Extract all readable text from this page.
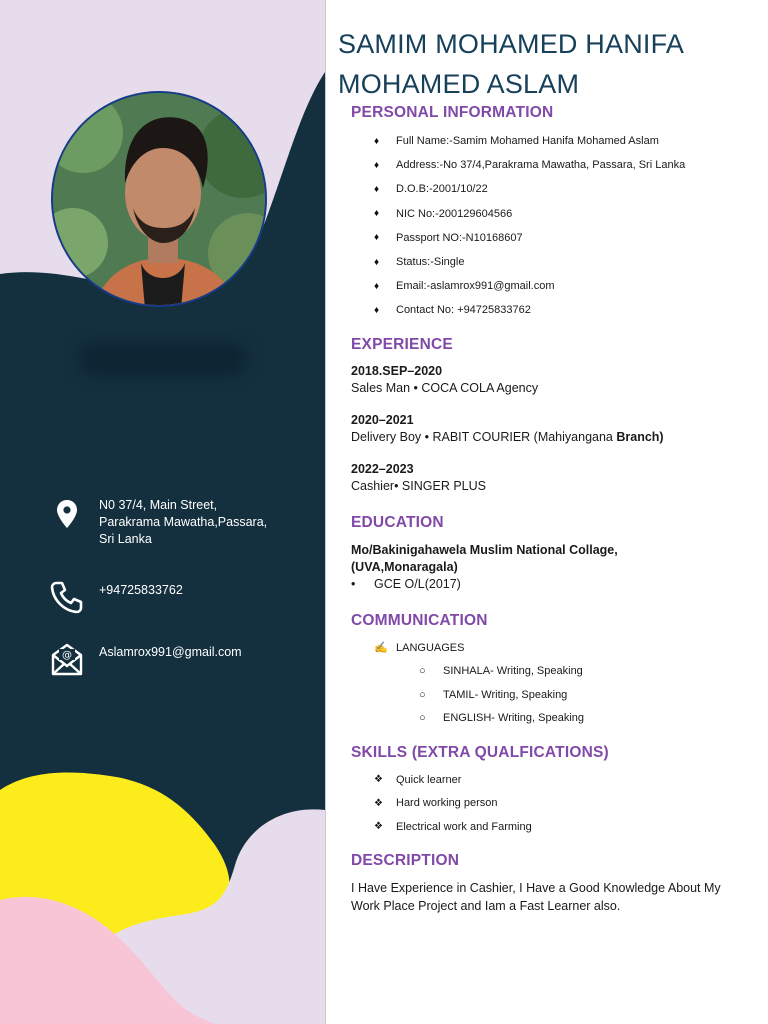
N0 37/4, Main Street,
Parakrama Mawatha,Passara,
Sri Lanka
+94725833762
@ Aslamrox991@gmail.com
SAMIM MOHAMED HANIFA
MOHAMED ASLAM
PERSONAL INFORMATION
♦	Full Name:-Samim Mohamed Hanifa Mohamed Aslam
♦	Address:-No 37/4,Parakrama Mawatha, Passara, Sri Lanka
♦	D.O.B:-2001/10/22
♦	NIC No:-200129604566
♦	Passport NO:-N10168607
♦	Status:-Single
♦	Email:-aslamrox991@gmail.com
♦	Contact No: +94725833762
EXPERIENCE
2018.SEP–2020
Sales Man • COCA COLA Agency
2020–2021
Delivery Boy • RABIT COURIER (Mahiyangana Branch)
2022–2023
Cashier• SINGER PLUS
EDUCATION
Mo/Bakinigahawela Muslim National Collage,
(UVA,Monaragala)
•	GCE O/L(2017)
COMMUNICATION
✍ LANGUAGES
○	SINHALA- Writing, Speaking
○	TAMIL- Writing, Speaking
○	ENGLISH- Writing, Speaking
SKILLS (EXTRA QUALFICATIONS)
❖	Quick learner
❖	Hard working person
❖	Electrical work and Farming
DESCRIPTION
I Have Experience in Cashier, I Have a Good Knowledge About My Work Place Project and Iam a Fast Learner also.
